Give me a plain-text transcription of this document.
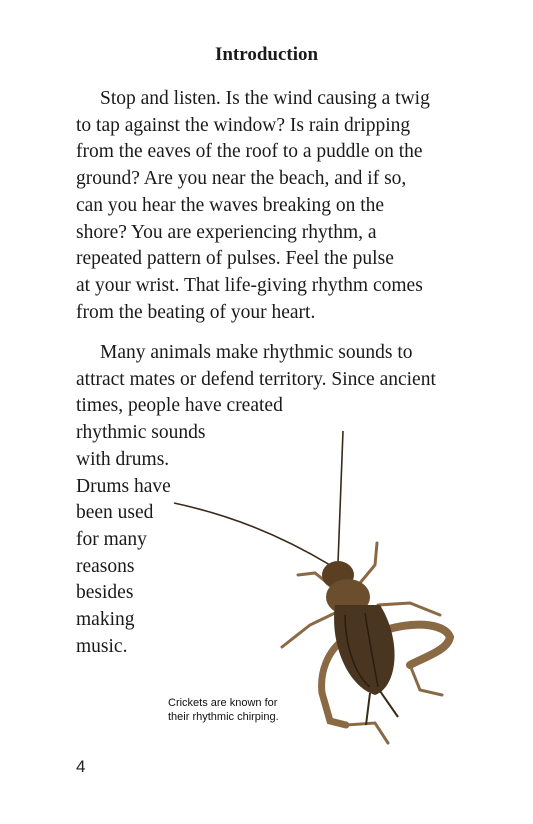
Introduction

Stop and listen. Is the wind causing a twig
to tap against the window? Is rain dripping
from the eaves of the roof to a puddle on the
ground? Are you near the beach, and if so,
can you hear the waves breaking on the
shore? You are experiencing rhythm, a
repeated pattern of pulses. Feel the pulse
at your wrist. That life-giving rhythm comes
from the beating of your heart.

Many animals make rhythmic sounds to
attract mates or defend territory. Since ancient
times, people have created
rhythmic sounds
with drums.
Drums have
been used
for many
reasons
besides
making
music.

Crickets are known for
their rhythmic chirping.
4
